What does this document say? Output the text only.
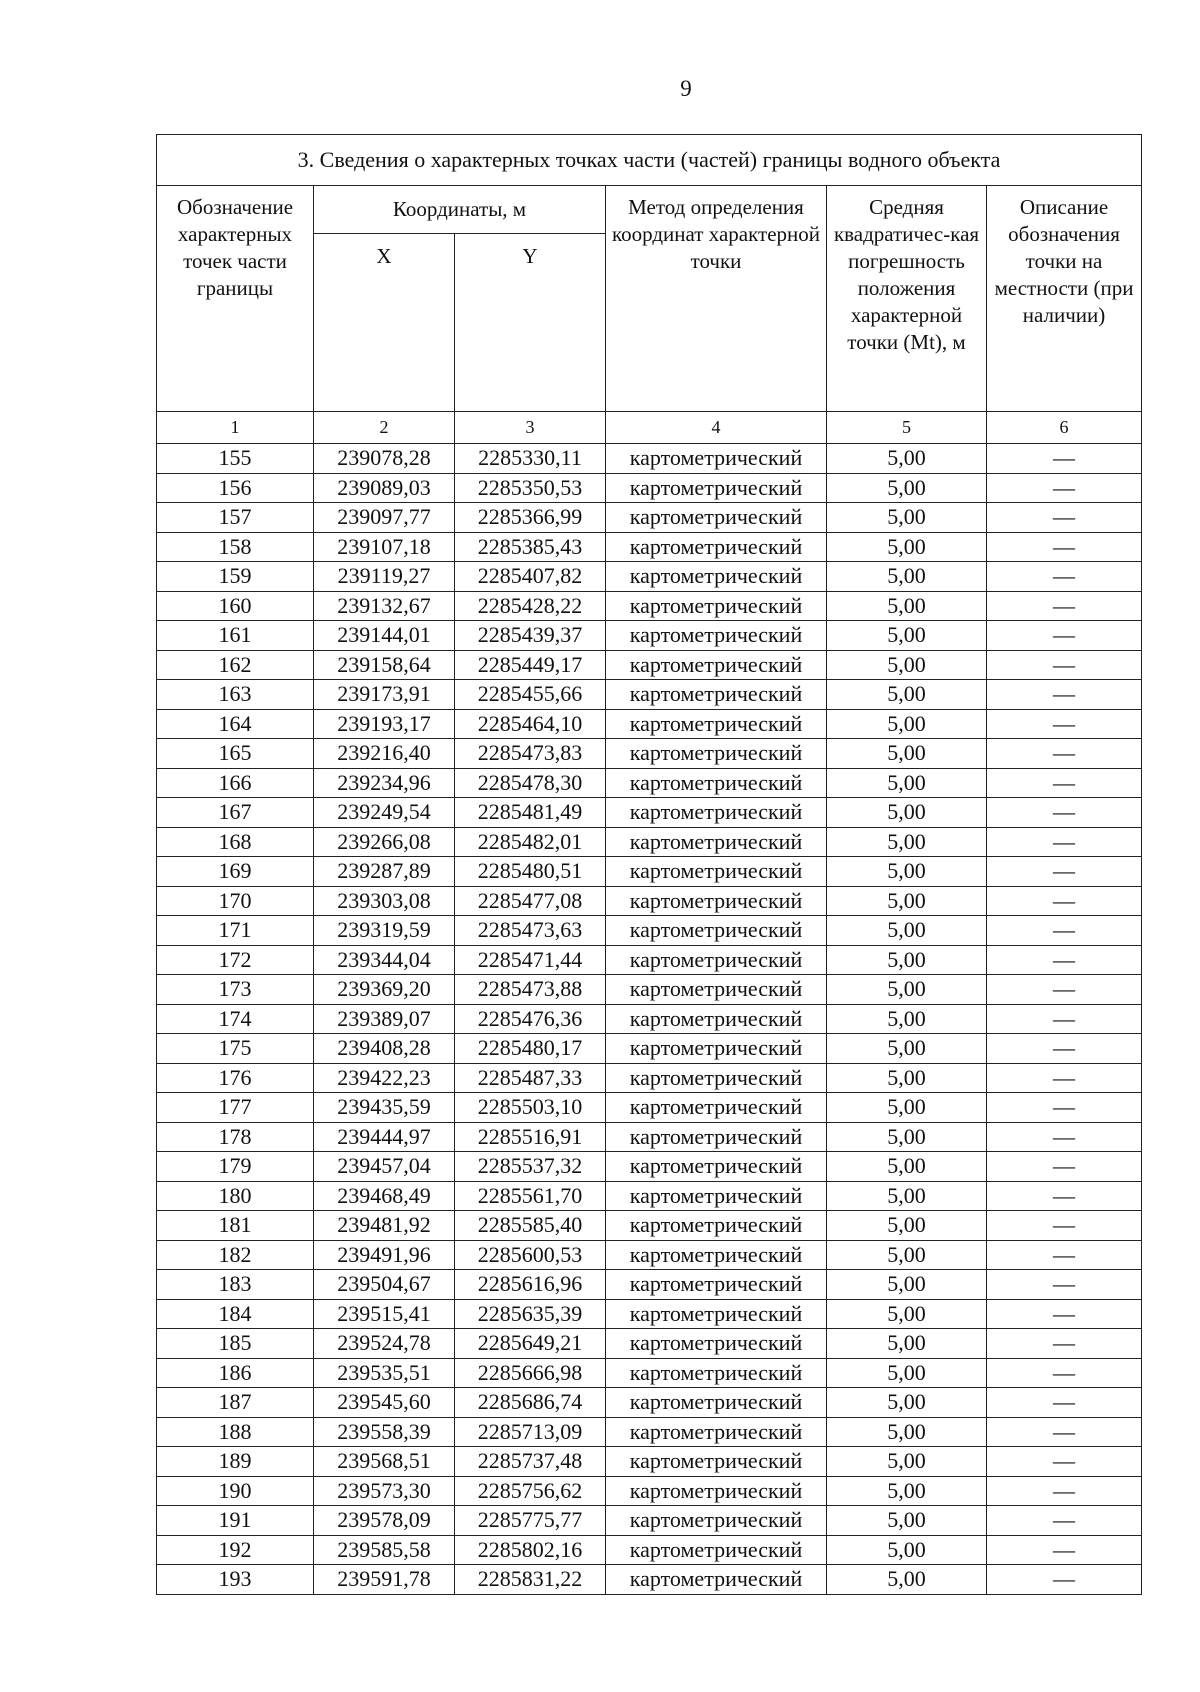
9
3. Сведения о характерных точках части (частей) границы водного объекта					
Обозначение характерных точек части границы	Координаты, м		Метод определения координат характерной точки	Средняя квадратичес-кая погрешность положения характерной точки (Mt), м	Описание обозначения точки на местности (при наличии)
	X	Y			
1	2	3	4	5	6
155	239078,28	2285330,11	картометрический	5,00	—
156	239089,03	2285350,53	картометрический	5,00	—
157	239097,77	2285366,99	картометрический	5,00	—
158	239107,18	2285385,43	картометрический	5,00	—
159	239119,27	2285407,82	картометрический	5,00	—
160	239132,67	2285428,22	картометрический	5,00	—
161	239144,01	2285439,37	картометрический	5,00	—
162	239158,64	2285449,17	картометрический	5,00	—
163	239173,91	2285455,66	картометрический	5,00	—
164	239193,17	2285464,10	картометрический	5,00	—
165	239216,40	2285473,83	картометрический	5,00	—
166	239234,96	2285478,30	картометрический	5,00	—
167	239249,54	2285481,49	картометрический	5,00	—
168	239266,08	2285482,01	картометрический	5,00	—
169	239287,89	2285480,51	картометрический	5,00	—
170	239303,08	2285477,08	картометрический	5,00	—
171	239319,59	2285473,63	картометрический	5,00	—
172	239344,04	2285471,44	картометрический	5,00	—
173	239369,20	2285473,88	картометрический	5,00	—
174	239389,07	2285476,36	картометрический	5,00	—
175	239408,28	2285480,17	картометрический	5,00	—
176	239422,23	2285487,33	картометрический	5,00	—
177	239435,59	2285503,10	картометрический	5,00	—
178	239444,97	2285516,91	картометрический	5,00	—
179	239457,04	2285537,32	картометрический	5,00	—
180	239468,49	2285561,70	картометрический	5,00	—
181	239481,92	2285585,40	картометрический	5,00	—
182	239491,96	2285600,53	картометрический	5,00	—
183	239504,67	2285616,96	картометрический	5,00	—
184	239515,41	2285635,39	картометрический	5,00	—
185	239524,78	2285649,21	картометрический	5,00	—
186	239535,51	2285666,98	картометрический	5,00	—
187	239545,60	2285686,74	картометрический	5,00	—
188	239558,39	2285713,09	картометрический	5,00	—
189	239568,51	2285737,48	картометрический	5,00	—
190	239573,30	2285756,62	картометрический	5,00	—
191	239578,09	2285775,77	картометрический	5,00	—
192	239585,58	2285802,16	картометрический	5,00	—
193	239591,78	2285831,22	картометрический	5,00	—
